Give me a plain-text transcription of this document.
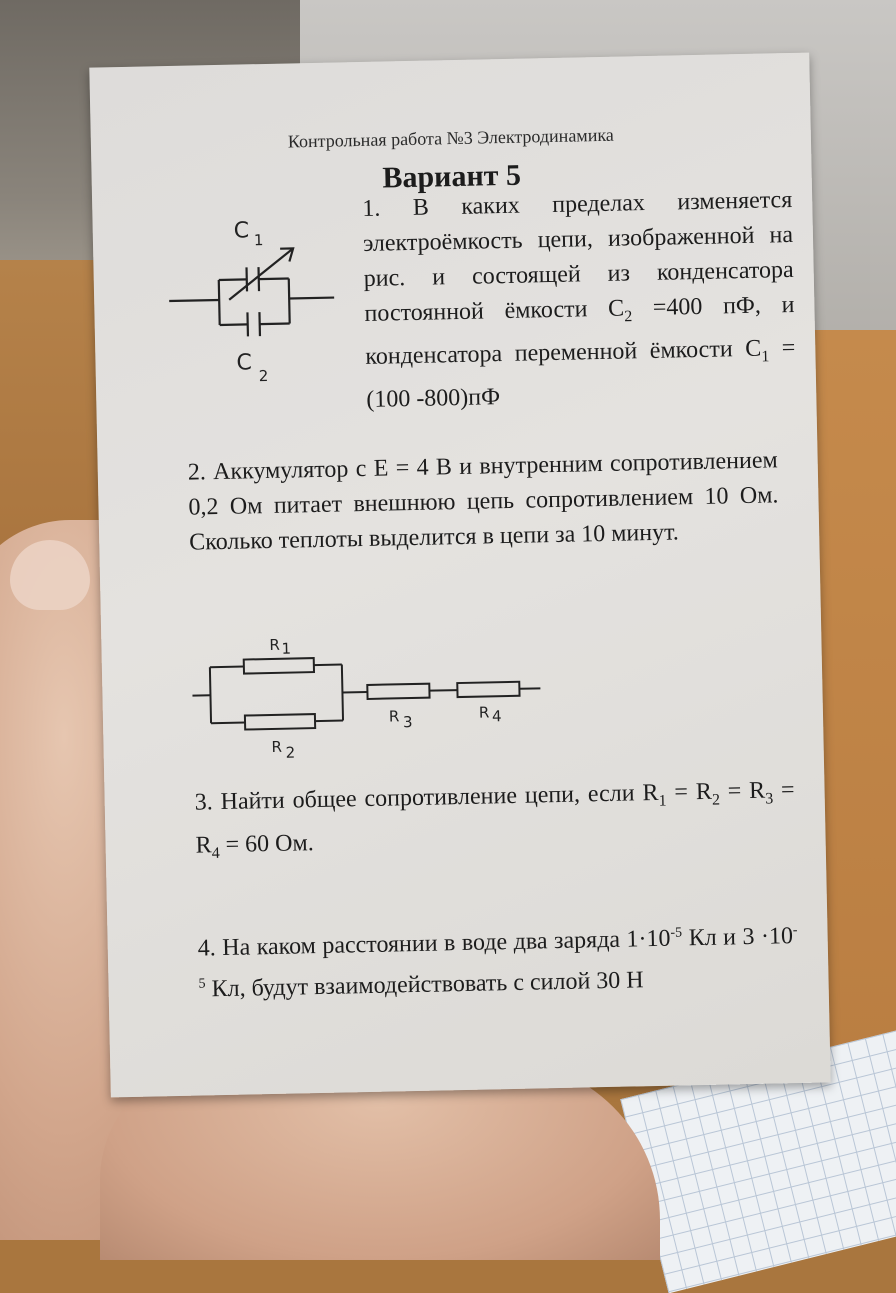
Контрольная работа №3 Электродинамика
Вариант 5
C 1
C
2
1. В каких пределах изменяется электроёмкость цепи, изображенной на рис. и состоящей из конденсатора постоянной ёмкости $C_2 =400$ пФ, и конденсатора переменной ёмкости $C_1 = (100$ -800)пФ
2. Аккумулятор с E = 4 В и внутренним сопротивлением 0,2 Ом питает внешнюю цепь сопротивлением 10 Ом. Сколько теплоты выделится в цепи за 10 минут.
R 1
R 2
R 3
R 4
3. Найти общее сопротивление цепи, если $R_1 = R_2 = R_3 = R_4 = 60$ Ом.
4. На каком расстоянии в воде два заряда $1\cdot 10^{-5}$ Кл и $3 \cdot 10^{-5}$ Кл, будут взаимодействовать с силой 30 Н
